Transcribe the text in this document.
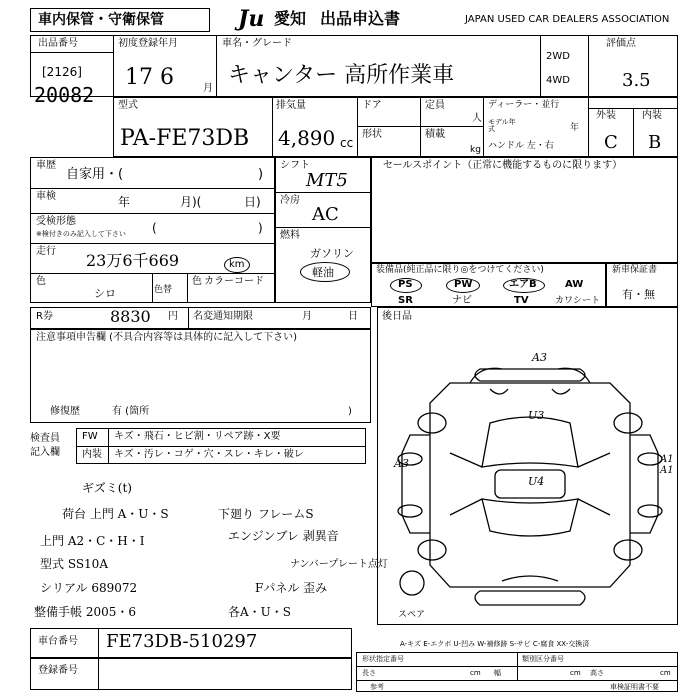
車内保管・守衛保管	Ju 愛知 出品申込書	JAPAN USED CAR DEALERS ASSOCIATION
出品番号
[2126]
20082
初度登録年月
17 6	月
車名・グレード
キャンター 高所作業車
2WD
4WD
評価点
3.5
型式
PA-FE73DB
排気量
4,890 cc
ドア	定員
人
形状	積載
kg
ディーラー・並行
モデル年式	年
ハンドル 左・右
外装	内装
C B
車歴
自家用・(	)
車検	年	月)(	日)
受検形態
※検付きのみ記入して下さい (	)
走行 23万6千669	km
色
シロ	色替
色 カラーコード
シフト
MT5
冷房
AC
燃料
ガソリン
軽油
セールスポイント（正常に機能するものに限ります）
装備品(純正品に限り◎をつけてください)	新車保証書
有・無
PS	PW	エアB	AW
SR	ナビ	TV	カワシート
R券	8830 円 名変通知期限	月	日 後日品
注意事項申告欄 (不具合内容等は具体的に記入して下さい)
修復歴	有 (箇所	)
検査員 記入欄
FW キズ・飛石・ヒビ割・リペア跡・X要
内装 キズ・汚レ・コゲ・穴・スレ・キレ・破レ
ギズミ(t)
荷台 上門 A・U・S	下廻り フレームS
上門 A2・C・H・I	エンジンブレ 剥異音
ナンバープレート点灯
型式 SS10A
シリアル 689072	Fパネル 歪み
整備手帳 2005・6	各A・U・S
A3
U3
A3
U4
A1
A1
スペア
車台番号 FE73DB-510297
登録番号
A-キズ E-エクボ U-凹み W-補修跡 S-サビ C-腐食 XX-交換済
形状指定番号	類別区分番号
長さ	cm 幅	cm 高さ	cm
参考	車検証明書不要
